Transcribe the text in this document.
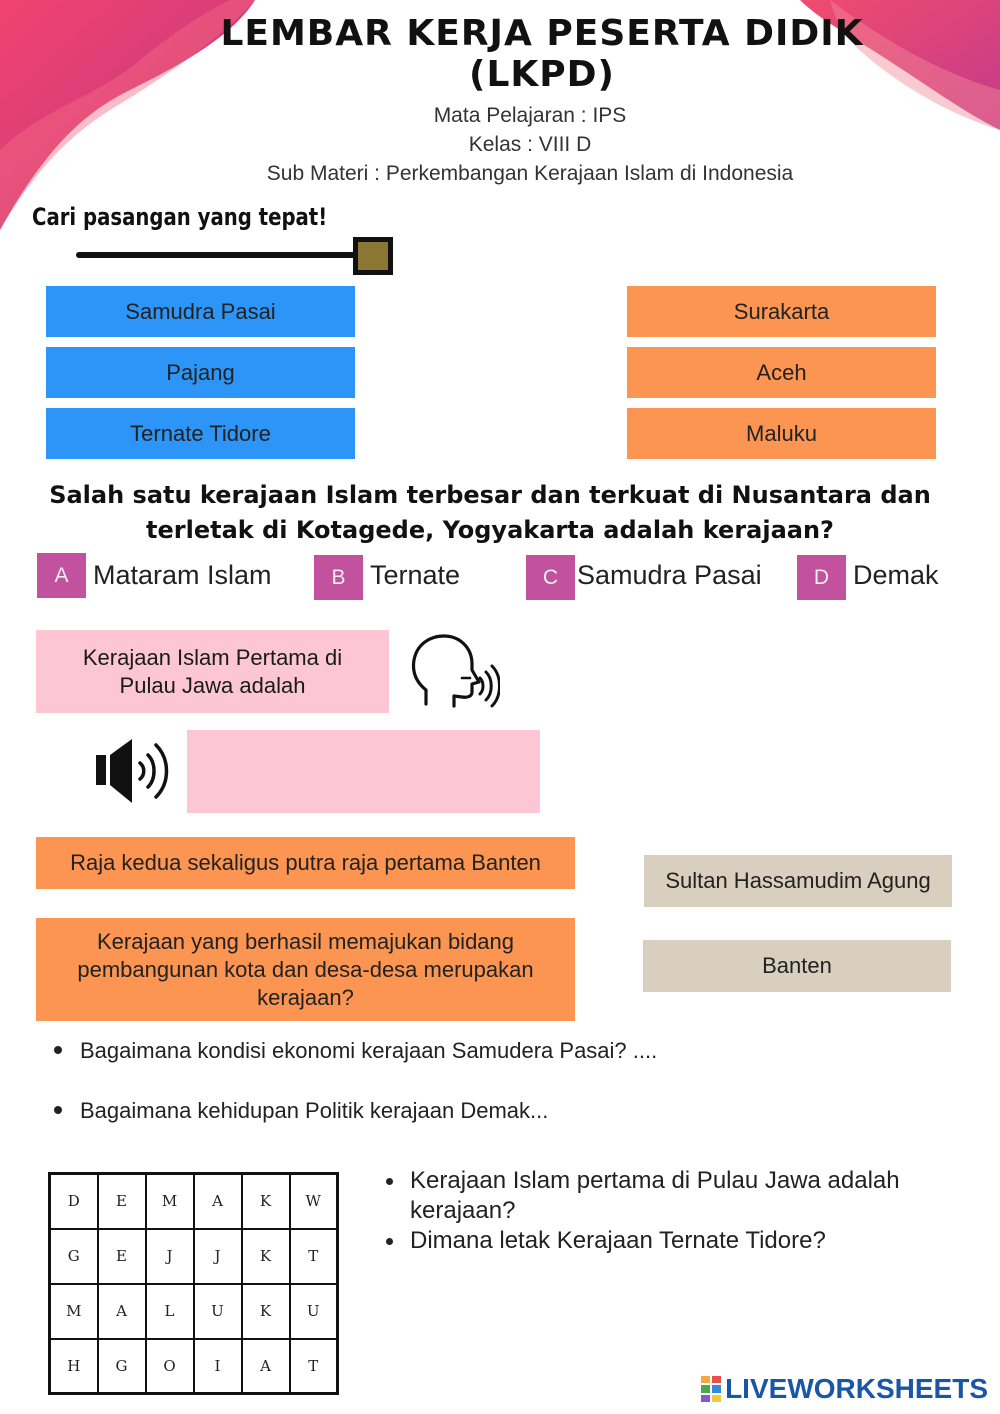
LEMBAR KERJA PESERTA DIDIK
(LKPD)
Mata Pelajaran : IPS
Kelas : VIII D
Sub Materi : Perkembangan Kerajaan Islam di Indonesia
Cari pasangan yang tepat!
Samudra Pasai
Pajang
Ternate Tidore
Surakarta
Aceh
Maluku
Salah satu kerajaan Islam terbesar dan terkuat di Nusantara dan
terletak di Kotagede, Yogyakarta adalah kerajaan?
A Mataram Islam	B Ternate	C Samudra Pasai	D Demak
Kerajaan Islam Pertama di Pulau Jawa adalah
Raja kedua sekaligus putra raja pertama Banten
Kerajaan yang berhasil memajukan bidang pembangunan kota dan desa-desa merupakan kerajaan?
Sultan Hassamudim Agung
Banten
Bagaimana kondisi ekonomi kerajaan Samudera Pasai? ....
Bagaimana kehidupan Politik kerajaan Demak...
D	E	M	A	K	W
G	E	J	J	K	T
M	A	L	U	K	U
H	G	O	I	A	T
Kerajaan Islam pertama di Pulau Jawa adalah kerajaan?
Dimana letak Kerajaan Ternate Tidore?
LIVEWORKSHEETS
